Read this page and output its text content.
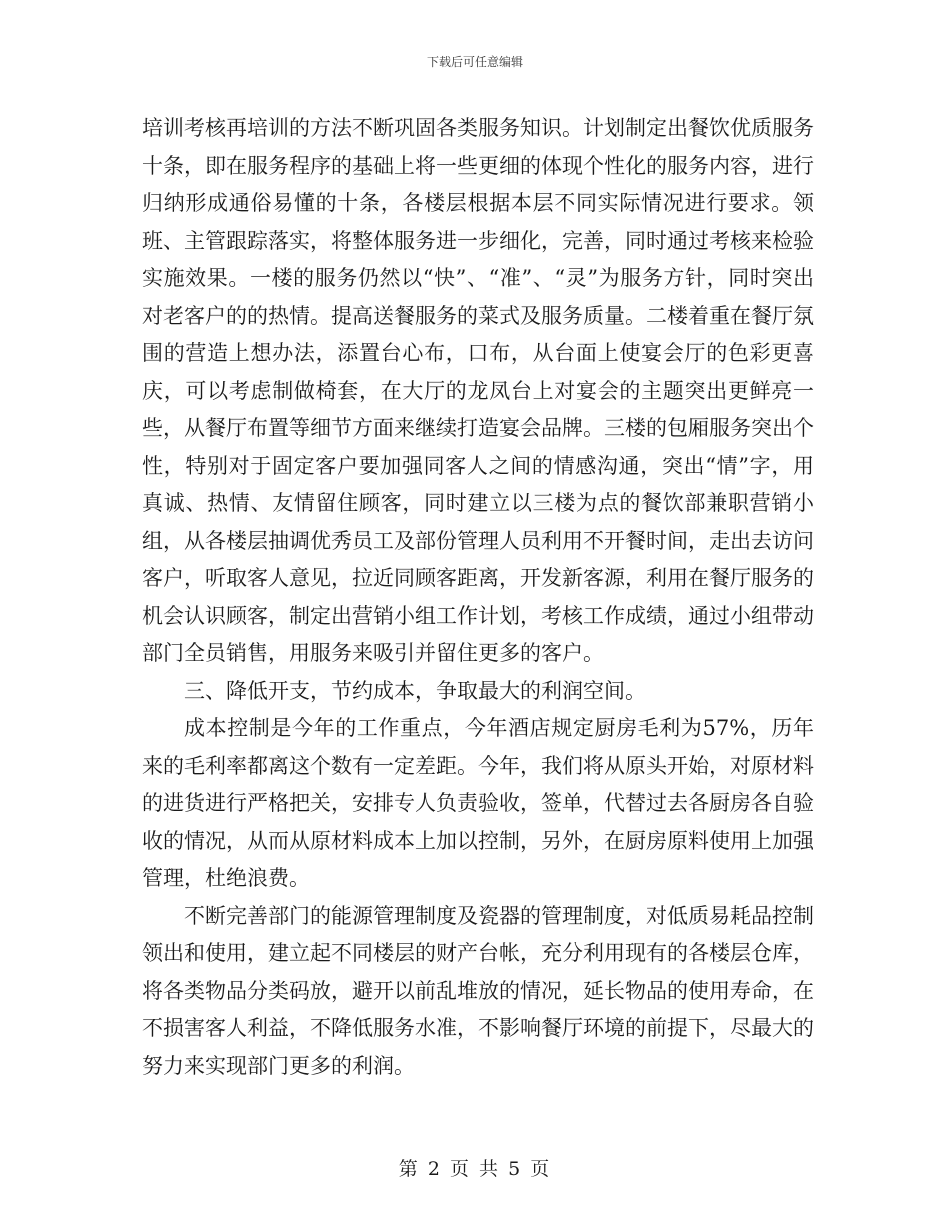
下载后可任意编辑

培训考核再培训的方法不断巩固各类服务知识。计划制定出餐饮优质服务十条，即在服务程序的基础上将一些更细的体现个性化的服务内容，进行归纳形成通俗易懂的十条，各楼层根据本层不同实际情况进行要求。领班、主管跟踪落实，将整体服务进一步细化，完善，同时通过考核来检验实施效果。一楼的服务仍然以“快”、“准”、“灵”为服务方针，同时突出对老客户的的热情。提高送餐服务的菜式及服务质量。二楼着重在餐厅氛围的营造上想办法，添置台心布，口布，从台面上使宴会厅的色彩更喜庆，可以考虑制做椅套，在大厅的龙凤台上对宴会的主题突出更鲜亮一些，从餐厅布置等细节方面来继续打造宴会品牌。三楼的包厢服务突出个性，特别对于固定客户要加强同客人之间的情感沟通，突出“情”字，用真诚、热情、友情留住顾客，同时建立以三楼为点的餐饮部兼职营销小组，从各楼层抽调优秀员工及部份管理人员利用不开餐时间，走出去访问客户，听取客人意见，拉近同顾客距离，开发新客源，利用在餐厅服务的机会认识顾客，制定出营销小组工作计划，考核工作成绩，通过小组带动部门全员销售，用服务来吸引并留住更多的客户。

三、降低开支，节约成本，争取最大的利润空间。

成本控制是今年的工作重点，今年酒店规定厨房毛利为57%，历年来的毛利率都离这个数有一定差距。今年，我们将从原头开始，对原材料的进货进行严格把关，安排专人负责验收，签单，代替过去各厨房各自验收的情况，从而从原材料成本上加以控制，另外，在厨房原料使用上加强管理，杜绝浪费。

不断完善部门的能源管理制度及瓷器的管理制度，对低质易耗品控制领出和使用，建立起不同楼层的财产台帐，充分利用现有的各楼层仓库，将各类物品分类码放，避开以前乱堆放的情况，延长物品的使用寿命，在不损害客人利益，不降低服务水准，不影响餐厅环境的前提下，尽最大的努力来实现部门更多的利润。

第 2 页 共 5 页
